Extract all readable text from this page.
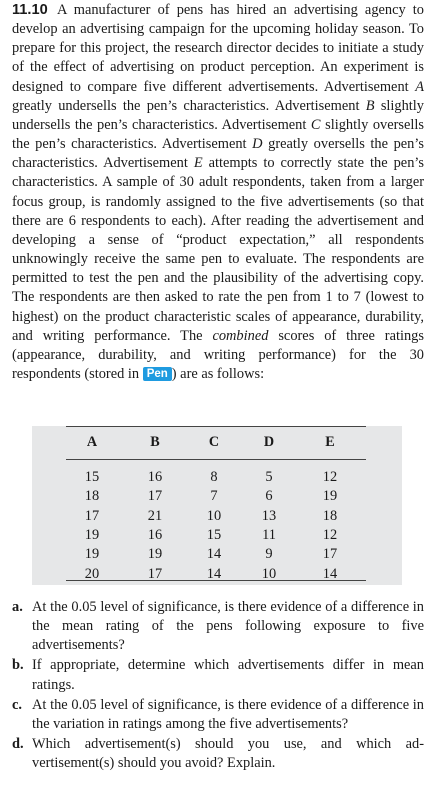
11.10 A manufacturer of pens has hired an advertising agency to develop an advertising campaign for the upcoming holiday season. To prepare for this project, the research director decides to initiate a study of the effect of advertising on product perception. An experiment is designed to compare five different advertisements. Advertisement A greatly undersells the pen’s characteristics. Advertisement B slightly undersells the pen’s characteristics. Advertisement C slightly oversells the pen’s characteristics. Advertisement D greatly oversells the pen’s characteristics. Advertisement E attempts to correctly state the pen’s characteristics. A sample of 30 adult respondents, taken from a larger focus group, is randomly assigned to the five advertisements (so that there are 6 respondents to each). After reading the advertisement and developing a sense of “product expectation,” all respondents unknowingly receive the same pen to evaluate. The respondents are permitted to test the pen and the plausibility of the advertising copy. The respondents are then asked to rate the pen from 1 to 7 (lowest to highest) on the product characteristic scales of appearance, durability, and writing performance. The combined scores of three ratings (appearance, durability, and writing performance) for the 30 respondents (stored in Pen ) are as follows:
A	B	C	D	E
15	16	8	5	12
18	17	7	6	19
17	21	10	13	18
19	16	15	11	12
19	19	14	9	17
20	17	14	10	14
a. At the 0.05 level of significance, is there evidence of a difference in the mean rating of the pens following exposure to five advertisements?
b. If appropriate, determine which advertisements differ in mean ratings.
c. At the 0.05 level of significance, is there evidence of a difference in the variation in ratings among the five advertisements?
d. Which advertisement(s) should you use, and which advertisement(s) should you avoid? Explain.
